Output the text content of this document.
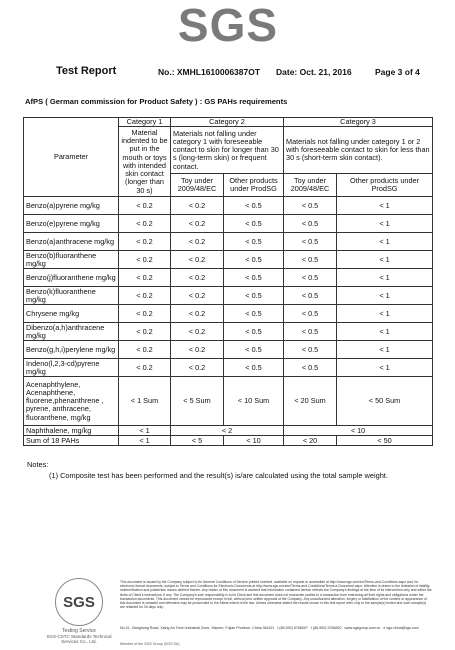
SGS
Test Report	No.: XMHL1610006387OT Date: Oct. 21, 2016	Page 3 of 4
AfPS ( German commission for Product Safety ) : GS PAHs requirements
Parameter	Category 1	Category 2		Category 3	
	Material indented to be put in the mouth or toys with intended skin contact (longer than 30 s)	Materials not falling under category 1 with foreseeable contact to skin for longer than 30 s (long-term skin) or frequent contact.		Materials not falling under category 1 or 2 with foreseeable contact to skin for less than 30 s (short-term skin contact).	
		Toy under 2009/48/EC	Other products under ProdSG	Toy under 2009/48/EC	Other products under ProdSG
Benzo(a)pyrene mg/kg	< 0.2	< 0.2	< 0.5	< 0.5	< 1
Benzo(e)pyrene mg/kg	< 0.2	< 0.2	< 0.5	< 0.5	< 1
Benzo(a)anthracene mg/kg	< 0.2	< 0.2	< 0.5	< 0.5	< 1
Benzo(b)fluoranthene mg/kg	< 0.2	< 0.2	< 0.5	< 0.5	< 1
Benzo(j)fluoranthene mg/kg	< 0.2	< 0.2	< 0.5	< 0.5	< 1
Benzo(k)fluoranthene mg/kg	< 0.2	< 0.2	< 0.5	< 0.5	< 1
Chrysene mg/kg	< 0.2	< 0.2	< 0.5	< 0.5	< 1
Dibenzo(a,h)anthracene mg/kg	< 0.2	< 0.2	< 0.5	< 0.5	< 1
Benzo(g,h,i)perylene mg/kg	< 0.2	< 0.2	< 0.5	< 0.5	< 1
Indeno(l,2,3-cd)pyrene mg/kg	< 0.2	< 0.2	< 0.5	< 0.5	< 1
Acenaphthylene, Acenaphthene, fluorene,phenanthrene , pyrene, anthracene, fluoranthene, mg/kg	< 1 Sum	< 5 Sum	< 10 Sum	< 20 Sum	< 50 Sum
Naphthalene, mg/kg	< 1	< 2		< 10	
Sum of 18 PAHs	< 1	< 5	< 10	< 20	< 50
Notes:
(1) Composite test has been performed and the result(s) is/are calculated using the total sample weight.
SGS
Testing Service
SGS-CSTC Standards Technical Services Co., Ltd.
This document is issued by the Company subject to its General Conditions of Service printed overleaf, available on request or accessible at http://www.sgs.com/en/Terms-and-Conditions.aspx and, for electronic format documents, subject to Terms and Conditions for Electronic Documents at http://www.sgs.com/en/Terms-and-Conditions/Terms-e-Document.aspx. Attention is drawn to the limitation of liability, indemnification and jurisdiction issues defined therein. Any holder of this document is advised that information contained hereon reflects the Company's findings at the time of its intervention only and within the limits of Client's instructions, if any. The Company's sole responsibility is to its Client and this document does not exonerate parties to a transaction from exercising all their rights and obligations under the transaction documents. This document cannot be reproduced except in full, without prior written approval of the Company. Any unauthorized alteration, forgery or falsification of the content or appearance of this document is unlawful and offenders may be prosecuted to the fullest extent of the law. Unless otherwise stated the results shown in this test report refer only to the sample(s) tested and such sample(s) are retained for 30 days only.
No.31, Xianghong Road, Xiang An Torch Industrial Zone, Xiamen, Fujian Province, China 361101 t (86-592) 5766007 f (86-592) 5766820 www.sgsgroup.com.cn e sgs.china@sgs.com
Member of the SGS Group (SGS SA)
